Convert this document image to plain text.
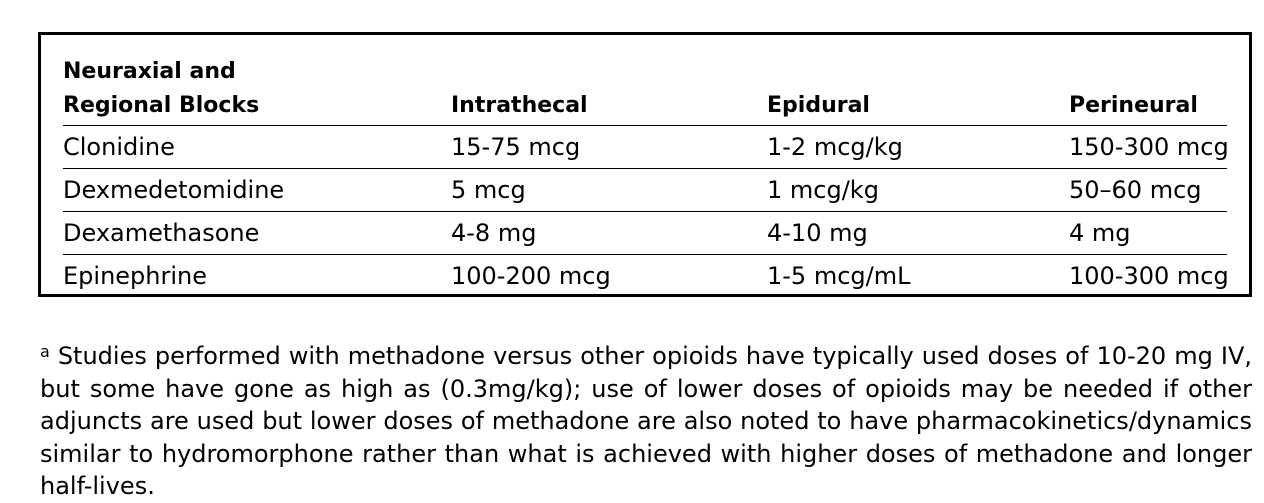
Neuraxial and
Regional Blocks	Intrathecal	Epidural	Perineural
Clonidine	15-75 mcg	1-2 mcg/kg	150-300 mcg
Dexmedetomidine	5 mcg	1 mcg/kg	50–60 mcg
Dexamethasone	4-8 mg	4-10 mg	4 mg
Epinephrine	100-200 mcg	1-5 mcg/mL	100-300 mcg

$^a$ Studies performed with methadone versus other opioids have typically used doses of 10-20 mg IV, but some have gone as high as (0.3mg/kg); use of lower doses of opioids may be needed if other adjuncts are used but lower doses of methadone are also noted to have pharmacokinetics/dynamics similar to hydromorphone rather than what is achieved with higher doses of methadone and longer half-lives.
